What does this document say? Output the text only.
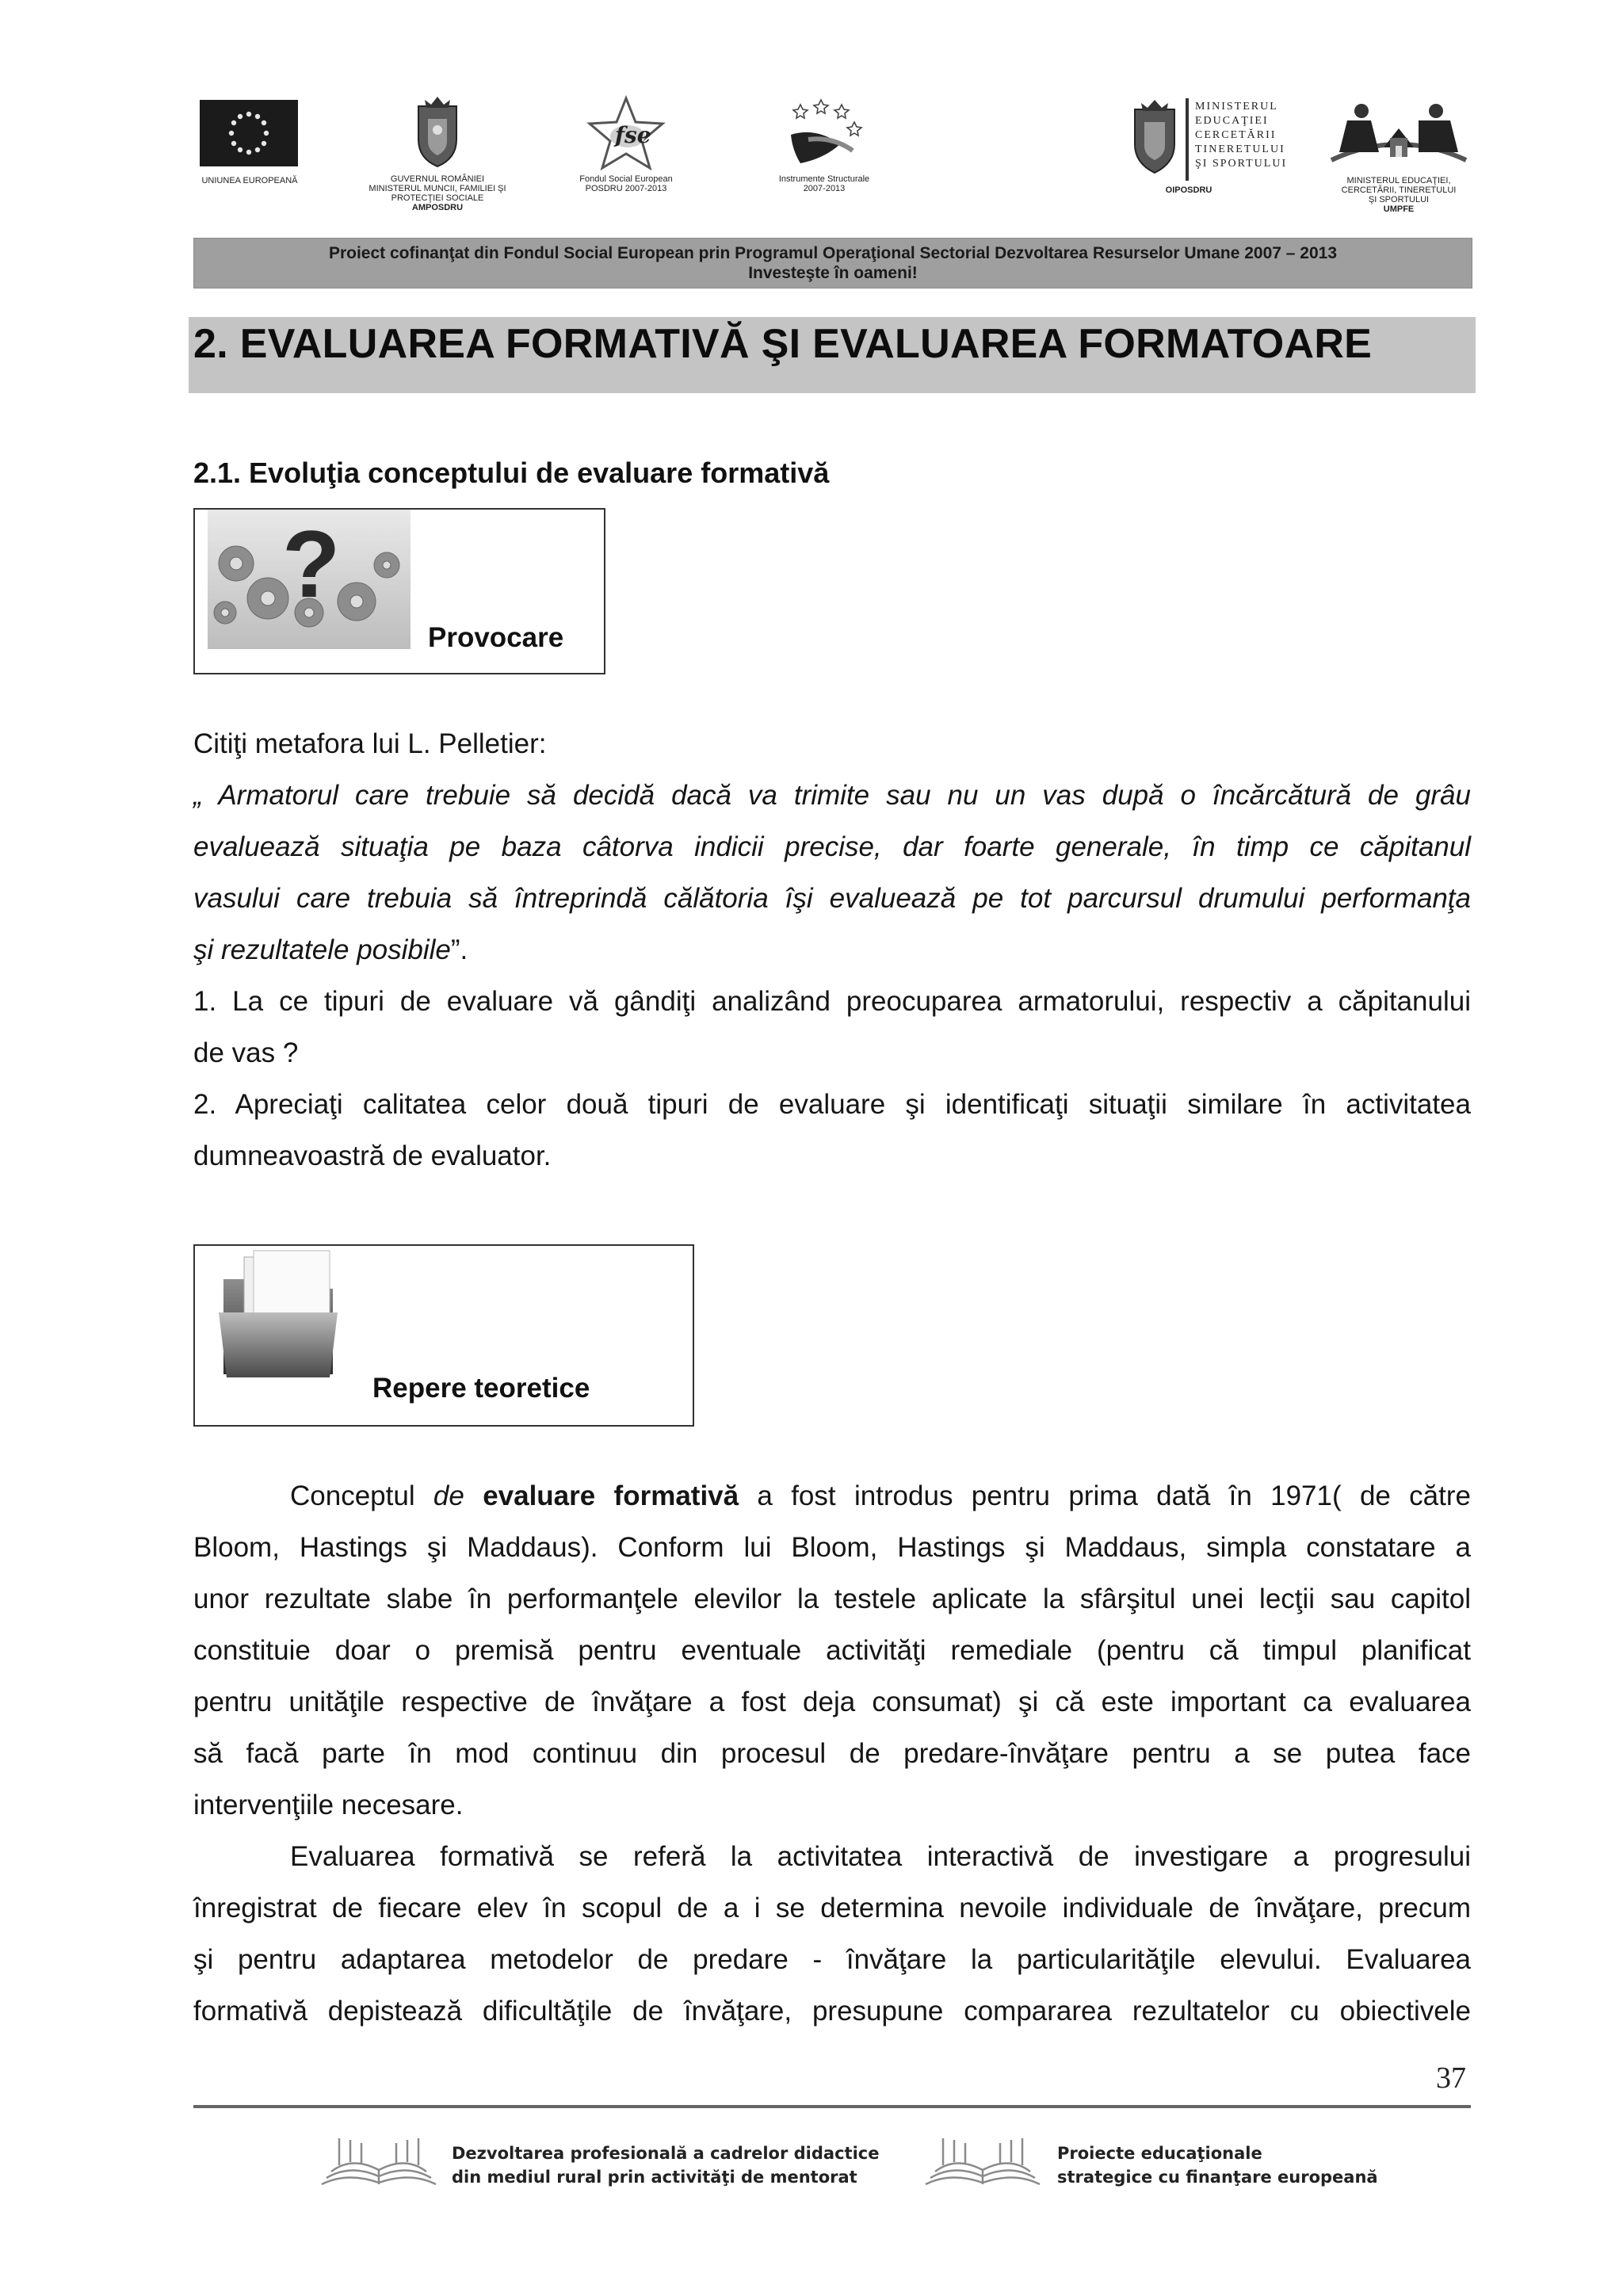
UNIUNEA EUROPEANĂ	GUVERNUL ROMÂNIEI
MINISTERUL MUNCII, FAMILIEI ŞI
PROTECŢIEI SOCIALE
AMPOSDRU
fse
Fondul Social European
POSDRU 2007-2013
Instrumente Structurale
2007-2013
MINISTERUL
EDUCAŢIEI
CERCETĂRII
TINERETULUI
ŞI SPORTULUI
OIPOSDRU
MINISTERUL EDUCAŢIEI,
CERCETĂRII, TINERETULUI
ŞI SPORTULUI
UMPFE
Proiect cofinanţat din Fondul Social European prin Programul Operaţional Sectorial Dezvoltarea Resurselor Umane 2007 – 2013
Investeşte în oameni!
2. EVALUAREA FORMATIVĂ ŞI EVALUAREA FORMATOARE
2.1. Evoluţia conceptului de evaluare formativă
?
Provocare
Citiţi metafora lui L. Pelletier:
„ Armatorul care trebuie să decidă dacă va trimite sau nu un vas după o încărcătură de grâu
evaluează situaţia pe baza câtorva indicii precise, dar foarte generale, în timp ce căpitanul
vasului care trebuia să întreprindă călătoria îşi evaluează pe tot parcursul drumului performanţa
şi rezultatele posibile”.
1. La ce tipuri de evaluare vă gândiţi analizând preocuparea armatorului, respectiv a căpitanului
de vas ?
2. Apreciaţi calitatea celor două tipuri de evaluare şi identificaţi situaţii similare în activitatea
dumneavoastră de evaluator.
Repere teoretice
Conceptul de evaluare formativă a fost introdus pentru prima dată în 1971( de către
Bloom, Hastings şi Maddaus). Conform lui Bloom, Hastings şi Maddaus, simpla constatare a
unor rezultate slabe în performanţele elevilor la testele aplicate la sfârşitul unei lecţii sau capitol
constituie doar o premisă pentru eventuale activităţi remediale (pentru că timpul planificat
pentru unităţile respective de învăţare a fost deja consumat) şi că este important ca evaluarea
să facă parte în mod continuu din procesul de predare-învăţare pentru a se putea face
intervenţiile necesare.
Evaluarea formativă se referă la activitatea interactivă de investigare a progresului
înregistrat de fiecare elev în scopul de a i se determina nevoile individuale de învăţare, precum
şi pentru adaptarea metodelor de predare - învăţare la particularităţile elevului. Evaluarea
formativă depistează dificultăţile de învăţare, presupune compararea rezultatelor cu obiectivele
37
Dezvoltarea profesională a cadrelor didactice
din mediul rural prin activităţi de mentorat
Proiecte educaţionale
strategice cu finanţare europeană
